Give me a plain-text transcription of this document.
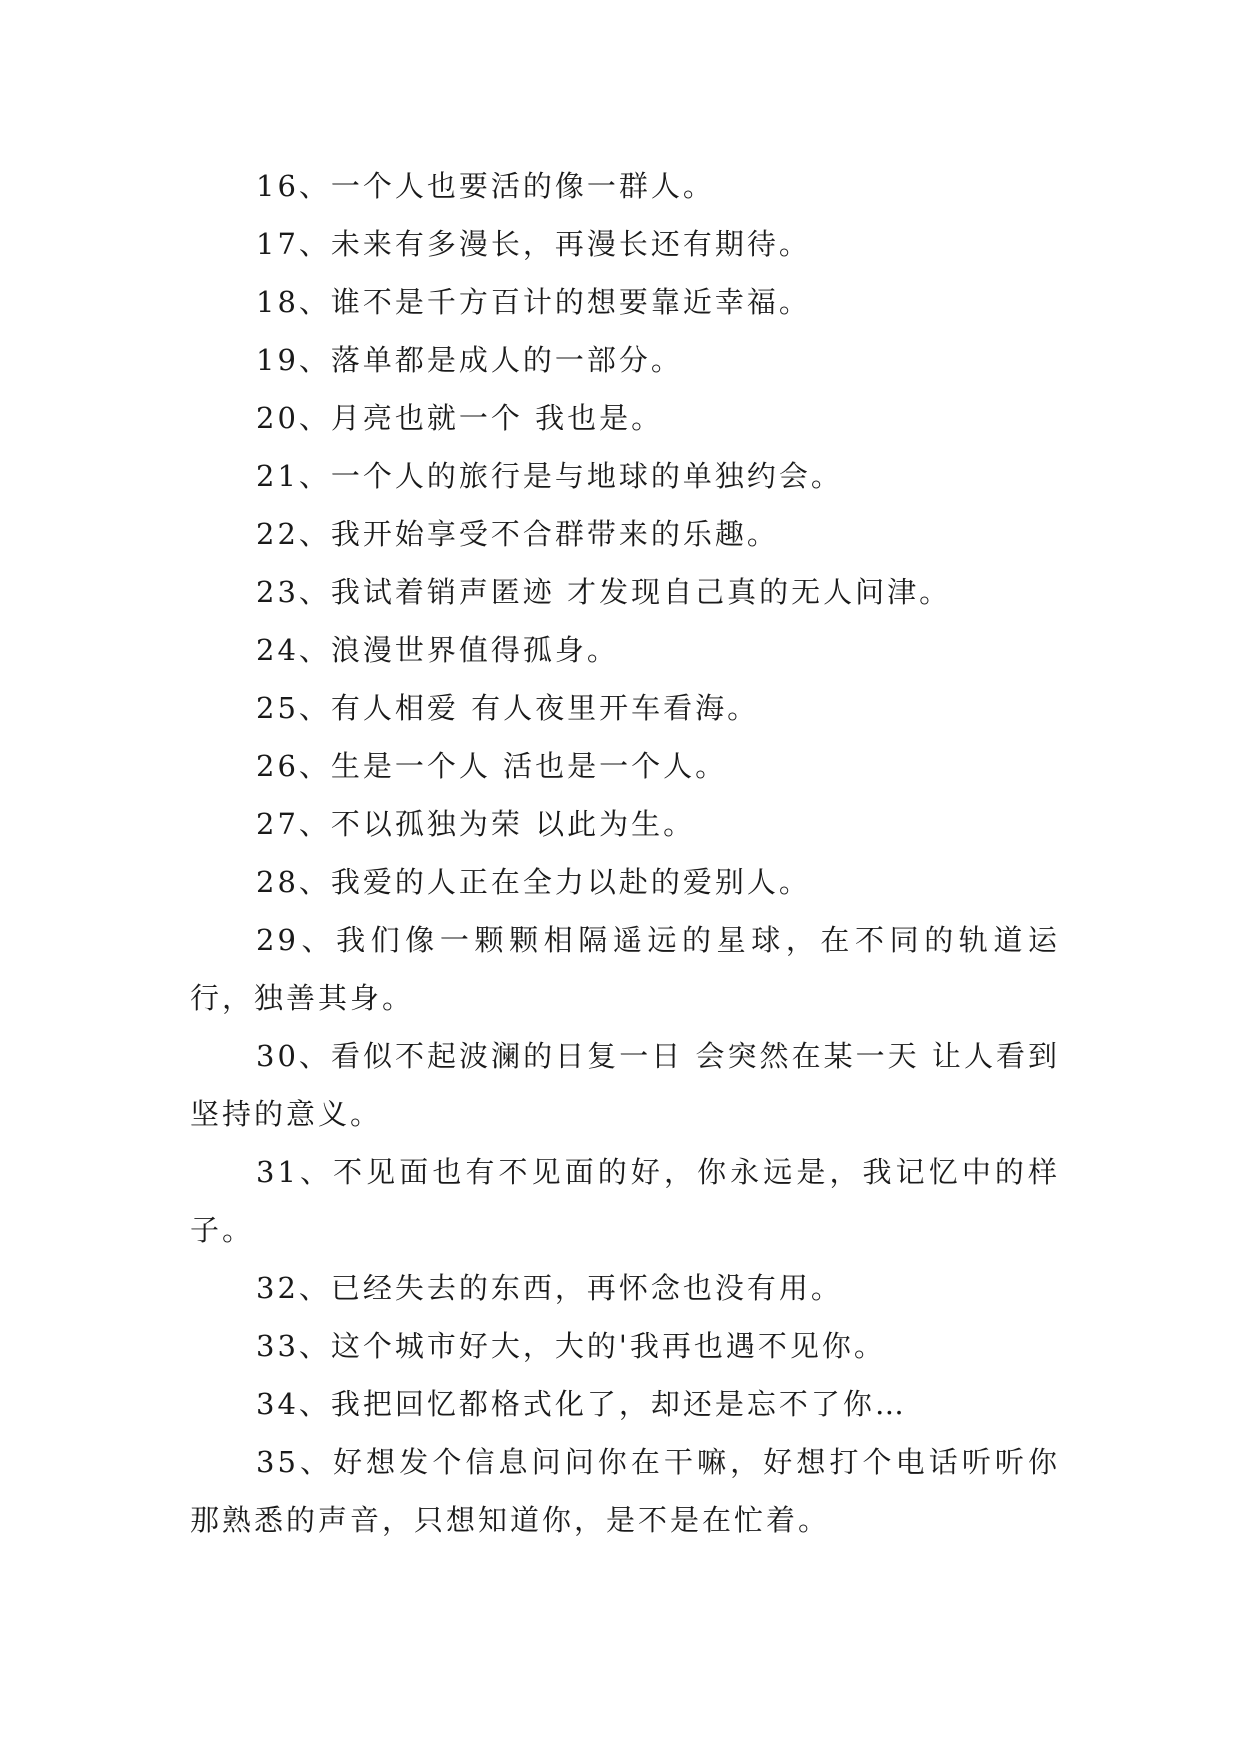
16、一个人也要活的像一群人。

17、未来有多漫长，再漫长还有期待。

18、谁不是千方百计的想要靠近幸福。

19、落单都是成人的一部分。

20、月亮也就一个 我也是。

21、一个人的旅行是与地球的单独约会。

22、我开始享受不合群带来的乐趣。

23、我试着销声匿迹 才发现自己真的无人问津。

24、浪漫世界值得孤身。

25、有人相爱 有人夜里开车看海。

26、生是一个人 活也是一个人。

27、不以孤独为荣 以此为生。

28、我爱的人正在全力以赴的爱别人。

29、我们像一颗颗相隔遥远的星球，在不同的轨道运行，独善其身。

30、看似不起波澜的日复一日 会突然在某一天 让人看到坚持的意义。

31、不见面也有不见面的好，你永远是，我记忆中的样子。

32、已经失去的东西，再怀念也没有用。

33、这个城市好大，大的'我再也遇不见你。

34、我把回忆都格式化了，却还是忘不了你…

35、好想发个信息问问你在干嘛，好想打个电话听听你那熟悉的声音，只想知道你，是不是在忙着。
